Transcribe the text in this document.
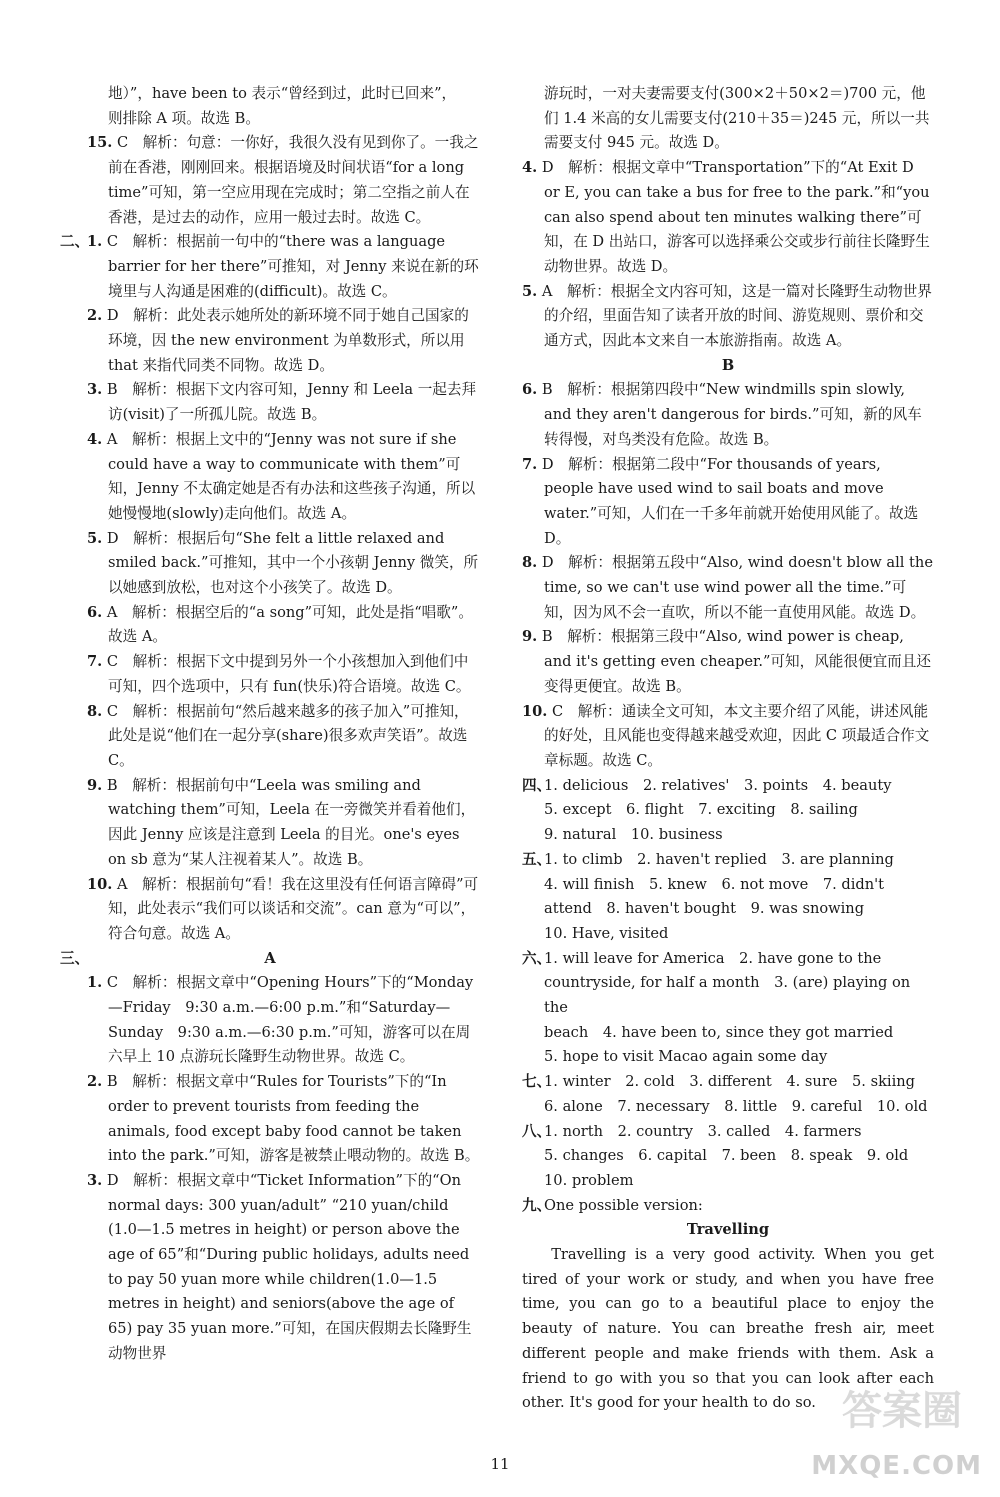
地）”，have been to 表示“曾经到过，此时已回来”，
则排除 A 项。故选 B。
15. C　解析：句意：一你好，我很久没有见到你了。一我之前在香港，刚刚回来。根据语境及时间状语“for a long time”可知，第一空应用现在完成时；第二空指之前人在香港，是过去的动作，应用一般过去时。故选 C。
二、
1. C　解析：根据前一句中的“there was a language barrier for her there”可推知，对 Jenny 来说在新的环境里与人沟通是困难的(difficult)。故选 C。
2. D　解析：此处表示她所处的新环境不同于她自己国家的环境，因 the new environment 为单数形式，所以用 that 来指代同类不同物。故选 D。
3. B　解析：根据下文内容可知，Jenny 和 Leela 一起去拜访(visit)了一所孤儿院。故选 B。
4. A　解析：根据上文中的“Jenny was not sure if she could have a way to communicate with them”可知，Jenny 不太确定她是否有办法和这些孩子沟通，所以她慢慢地(slowly)走向他们。故选 A。
5. D　解析：根据后句“She felt a little relaxed and smiled back.”可推知，其中一个小孩朝 Jenny 微笑，所以她感到放松，也对这个小孩笑了。故选 D。
6. A　解析：根据空后的“a song”可知，此处是指“唱歌”。故选 A。
7. C　解析：根据下文中提到另外一个小孩想加入到他们中可知，四个选项中，只有 fun(快乐)符合语境。故选 C。
8. C　解析：根据前句“然后越来越多的孩子加入”可推知，此处是说“他们在一起分享(share)很多欢声笑语”。故选 C。
9. B　解析：根据前句中“Leela was smiling and watching them”可知，Leela 在一旁微笑并看着他们，因此 Jenny 应该是注意到 Leela 的目光。one's eyes on sb 意为“某人注视着某人”。故选 B。
10. A　解析：根据前句“看！我在这里没有任何语言障碍”可知，此处表示“我们可以谈话和交流”。can 意为“可以”，符合句意。故选 A。
三、	A
1. C　解析：根据文章中“Opening Hours”下的“Monday—Friday　9:30 a.m.—6:00 p.m.”和“Saturday—Sunday　9:30 a.m.—6:30 p.m.”可知，游客可以在周六早上 10 点游玩长隆野生动物世界。故选 C。
2. B　解析：根据文章中“Rules for Tourists”下的“In order to prevent tourists from feeding the animals, food except baby food cannot be taken into the park.”可知，游客是被禁止喂动物的。故选 B。
3. D　解析：根据文章中“Ticket Information”下的“On normal days: 300 yuan/adult” “210 yuan/child (1.0—1.5 metres in height) or person above the age of 65”和“During public holidays, adults need to pay 50 yuan more while children(1.0—1.5 metres in height) and seniors(above the age of 65) pay 35 yuan more.”可知，在国庆假期去长隆野生动物世界
游玩时，一对夫妻需要支付(300×2＋50×2＝)700 元，他们 1.4 米高的女儿需要支付(210＋35＝)245 元，所以一共需要支付 945 元。故选 D。
4. D　解析：根据文章中“Transportation”下的“At Exit D or E, you can take a bus for free to the park.”和“you can also spend about ten minutes walking there”可知，在 D 出站口，游客可以选择乘公交或步行前往长隆野生动物世界。故选 D。
5. A　解析：根据全文内容可知，这是一篇对长隆野生动物世界的介绍，里面告知了读者开放的时间、游览规则、票价和交通方式，因此本文来自一本旅游指南。故选 A。
B
6. B　解析：根据第四段中“New windmills spin slowly, and they aren't dangerous for birds.”可知，新的风车转得慢，对鸟类没有危险。故选 B。
7. D　解析：根据第二段中“For thousands of years, people have used wind to sail boats and move water.”可知，人们在一千多年前就开始使用风能了。故选 D。
8. D　解析：根据第五段中“Also, wind doesn't blow all the time, so we can't use wind power all the time.”可知，因为风不会一直吹，所以不能一直使用风能。故选 D。
9. B　解析：根据第三段中“Also, wind power is cheap, and it's getting even cheaper.”可知，风能很便宜而且还变得更便宜。故选 B。
10. C　解析：通读全文可知，本文主要介绍了风能，讲述风能的好处，且风能也变得越来越受欢迎，因此 C 项最适合作文章标题。故选 C。
四、
1. delicious　2. relatives'　3. points　4. beauty
5. except　6. flight　7. exciting　8. sailing
9. natural　10. business
五、
1. to climb　2. haven't replied　3. are planning
4. will finish　5. knew　6. not move　7. didn't
attend　8. haven't bought　9. was snowing
10. Have, visited
六、
1. will leave for America　2. have gone to the
countryside, for half a month　3. (are) playing on the
beach　4. have been to, since they got married
5. hope to visit Macao again some day
七、
1. winter　2. cold　3. different　4. sure　5. skiing
6. alone　7. necessary　8. little　9. careful　10. old
八、
1. north　2. country　3. called　4. farmers
5. changes　6. capital　7. been　8. speak　9. old
10. problem
九、
One possible version:
Travelling
Travelling is a very good activity. When you get tired of your work or study, and when you have free time, you can go to a beautiful place to enjoy the beauty of nature. You can breathe fresh air, meet different people and make friends with them. Ask a friend to go with you so that you can look after each other. It's good for your health to do so.
11
答案圈
MXQE.COM
